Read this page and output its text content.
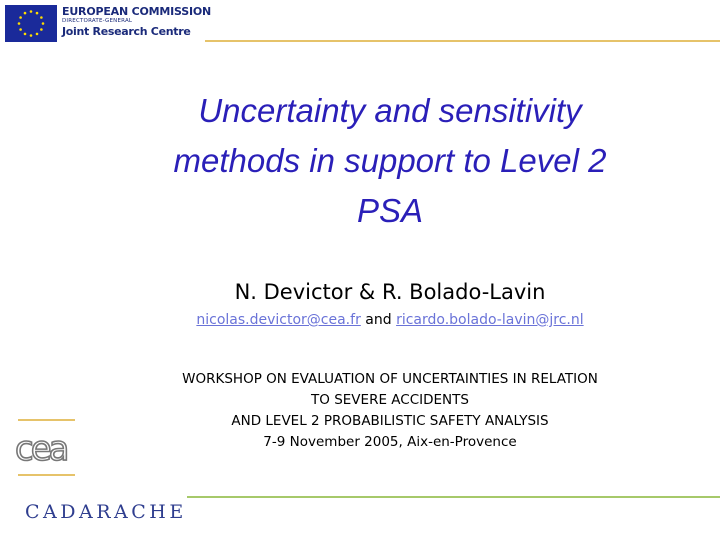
EUROPEAN COMMISSION
DIRECTORATE-GENERAL
Joint Research Centre
Uncertainty and sensitivity
methods in support to Level 2
PSA
N. Devictor & R. Bolado-Lavin
nicolas.devictor@cea.fr and ricardo.bolado-lavin@jrc.nl
WORKSHOP ON EVALUATION OF UNCERTAINTIES IN RELATION
TO SEVERE ACCIDENTS
AND LEVEL 2 PROBABILISTIC SAFETY ANALYSIS
7-9 November 2005, Aix-en-Provence
cea
CADARACHE
